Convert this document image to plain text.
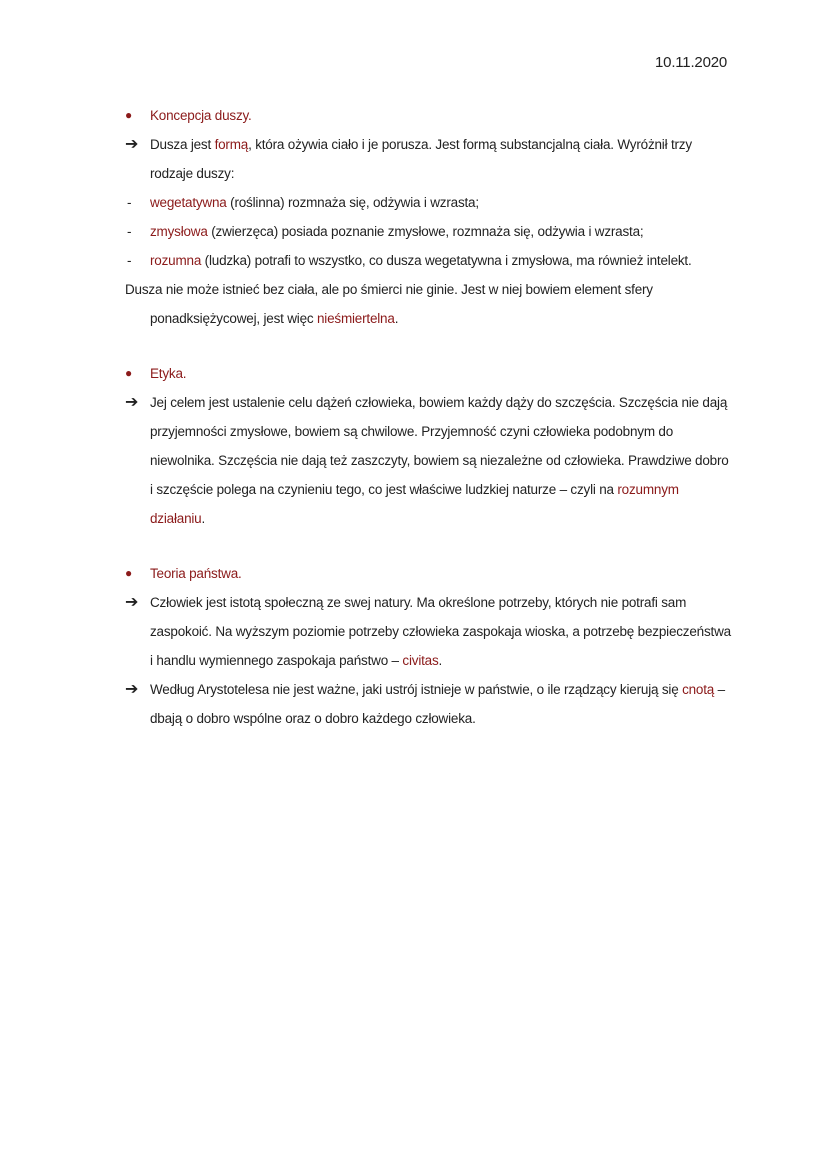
10.11.2020
● Koncepcja duszy.
➔ Dusza jest formą, która ożywia ciało i je porusza. Jest formą substancjalną ciała. Wyróżnił trzy rodzaje duszy:
- wegetatywna (roślinna) rozmnaża się, odżywia i wzrasta;
- zmysłowa (zwierzęca) posiada poznanie zmysłowe, rozmnaża się, odżywia i wzrasta;
- rozumna (ludzka) potrafi to wszystko, co dusza wegetatywna i zmysłowa, ma również intelekt.
Dusza nie może istnieć bez ciała, ale po śmierci nie ginie. Jest w niej bowiem element sfery ponadksiężycowej, jest więc nieśmiertelna.
● Etyka.
➔ Jej celem jest ustalenie celu dążeń człowieka, bowiem każdy dąży do szczęścia. Szczęścia nie dają przyjemności zmysłowe, bowiem są chwilowe. Przyjemność czyni człowieka podobnym do niewolnika. Szczęścia nie dają też zaszczyty, bowiem są niezależne od człowieka. Prawdziwe dobro i szczęście polega na czynieniu tego, co jest właściwe ludzkiej naturze – czyli na rozumnym działaniu.
● Teoria państwa.
➔ Człowiek jest istotą społeczną ze swej natury. Ma określone potrzeby, których nie potrafi sam zaspokoić. Na wyższym poziomie potrzeby człowieka zaspokaja wioska, a potrzebę bezpieczeństwa i handlu wymiennego zaspokaja państwo – civitas.
➔ Według Arystotelesa nie jest ważne, jaki ustrój istnieje w państwie, o ile rządzący kierują się cnotą – dbają o dobro wspólne oraz o dobro każdego człowieka.
